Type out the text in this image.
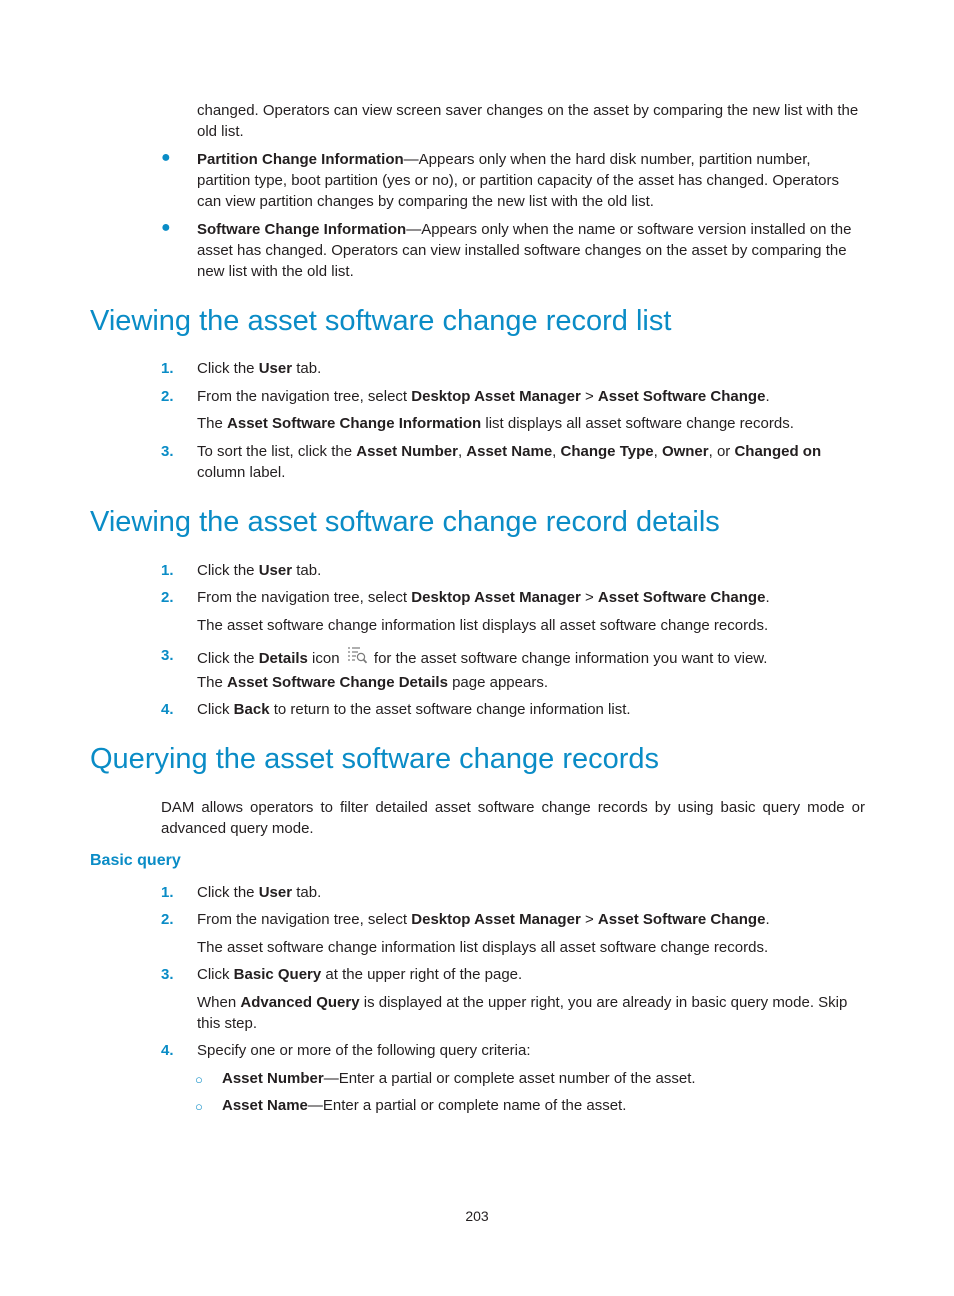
changed. Operators can view screen saver changes on the asset by comparing the new list with the old list.
● Partition Change Information—Appears only when the hard disk number, partition number, partition type, boot partition (yes or no), or partition capacity of the asset has changed. Operators can view partition changes by comparing the new list with the old list.
● Software Change Information—Appears only when the name or software version installed on the asset has changed. Operators can view installed software changes on the asset by comparing the new list with the old list.
Viewing the asset software change record list
1. Click the User tab.
2. From the navigation tree, select Desktop Asset Manager > Asset Software Change.
The Asset Software Change Information list displays all asset software change records.
3. To sort the list, click the Asset Number, Asset Name, Change Type, Owner, or Changed on column label.
Viewing the asset software change record details
1. Click the User tab.
2. From the navigation tree, select Desktop Asset Manager > Asset Software Change.
The asset software change information list displays all asset software change records.
3. Click the Details icon  for the asset software change information you want to view.
The Asset Software Change Details page appears.
4. Click Back to return to the asset software change information list.
Querying the asset software change records
DAM allows operators to filter detailed asset software change records by using basic query mode or advanced query mode.
Basic query
1. Click the User tab.
2. From the navigation tree, select Desktop Asset Manager > Asset Software Change.
The asset software change information list displays all asset software change records.
3. Click Basic Query at the upper right of the page.
When Advanced Query is displayed at the upper right, you are already in basic query mode. Skip this step.
4. Specify one or more of the following query criteria:
○ Asset Number—Enter a partial or complete asset number of the asset.
○ Asset Name—Enter a partial or complete name of the asset.
203
